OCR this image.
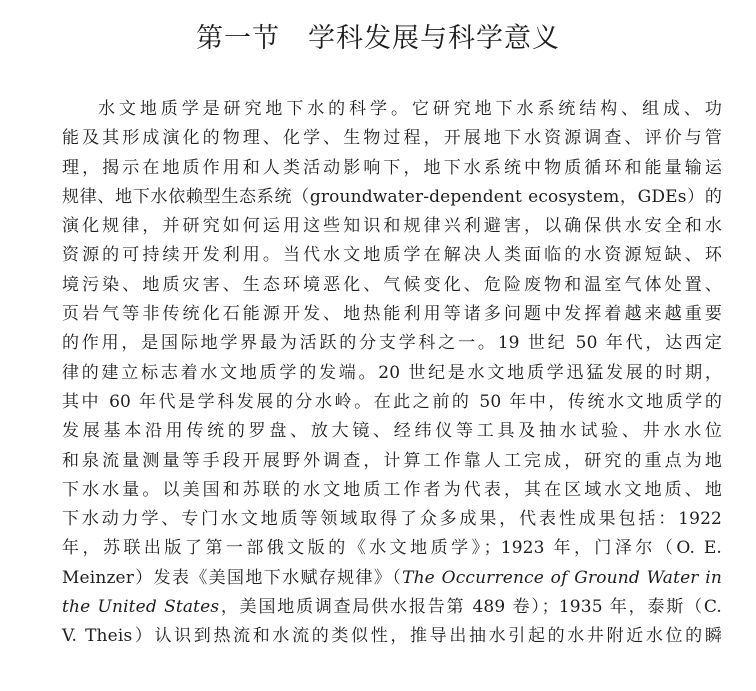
第一节　学科发展与科学意义
水文地质学是研究地下水的科学。它研究地下水系统结构、组成、功
能及其形成演化的物理、化学、生物过程，开展地下水资源调查、评价与管
理，揭示在地质作用和人类活动影响下，地下水系统中物质循环和能量输运
规律、地下水依赖型生态系统（groundwater-dependent ecosystem，GDEs）的
演化规律，并研究如何运用这些知识和规律兴利避害，以确保供水安全和水
资源的可持续开发利用。当代水文地质学在解决人类面临的水资源短缺、环
境污染、地质灾害、生态环境恶化、气候变化、危险废物和温室气体处置、
页岩气等非传统化石能源开发、地热能利用等诸多问题中发挥着越来越重要
的作用，是国际地学界最为活跃的分支学科之一。19 世纪 50 年代，达西定
律的建立标志着水文地质学的发端。20 世纪是水文地质学迅猛发展的时期，
其中 60 年代是学科发展的分水岭。在此之前的 50 年中，传统水文地质学的
发展基本沿用传统的罗盘、放大镜、经纬仪等工具及抽水试验、井水水位
和泉流量测量等手段开展野外调查，计算工作靠人工完成，研究的重点为地
下水水量。以美国和苏联的水文地质工作者为代表，其在区域水文地质、地
下水动力学、专门水文地质等领域取得了众多成果，代表性成果包括：1922
年，苏联出版了第一部俄文版的《水文地质学》；1923 年，门泽尔（O. E.
Meinzer）发表《美国地下水赋存规律》（The Occurrence of Ground Water in
the United States，美国地质调查局供水报告第 489 卷）；1935 年，泰斯（C.
V. Theis）认识到热流和水流的类似性，推导出抽水引起的水井附近水位的瞬
